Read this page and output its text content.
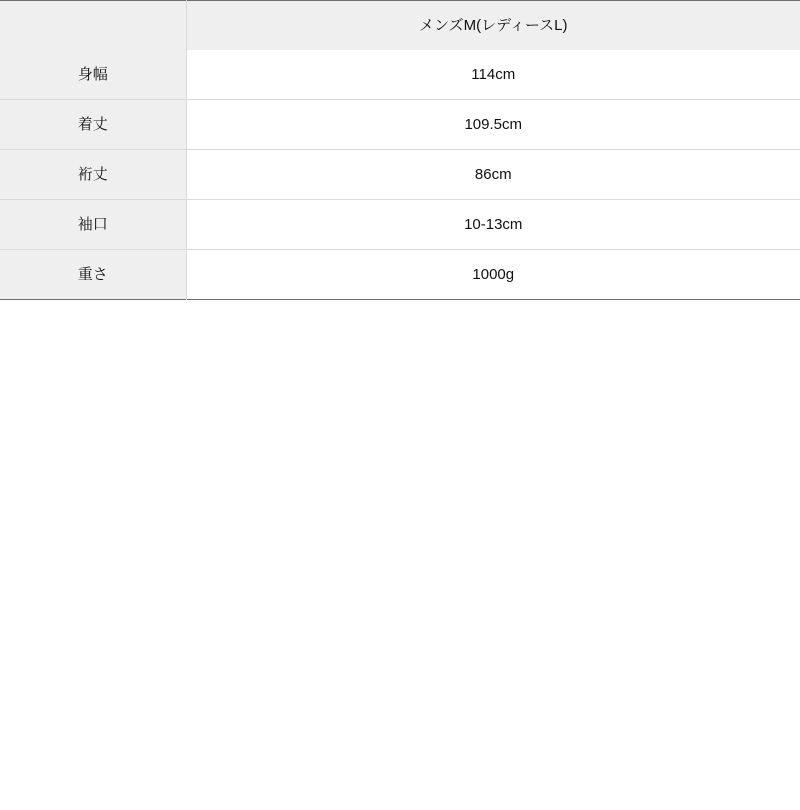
	メンズM(レディースL)
身幅	114cm
着丈	109.5cm
裄丈	86cm
袖口	10-13cm
重さ	1000g
